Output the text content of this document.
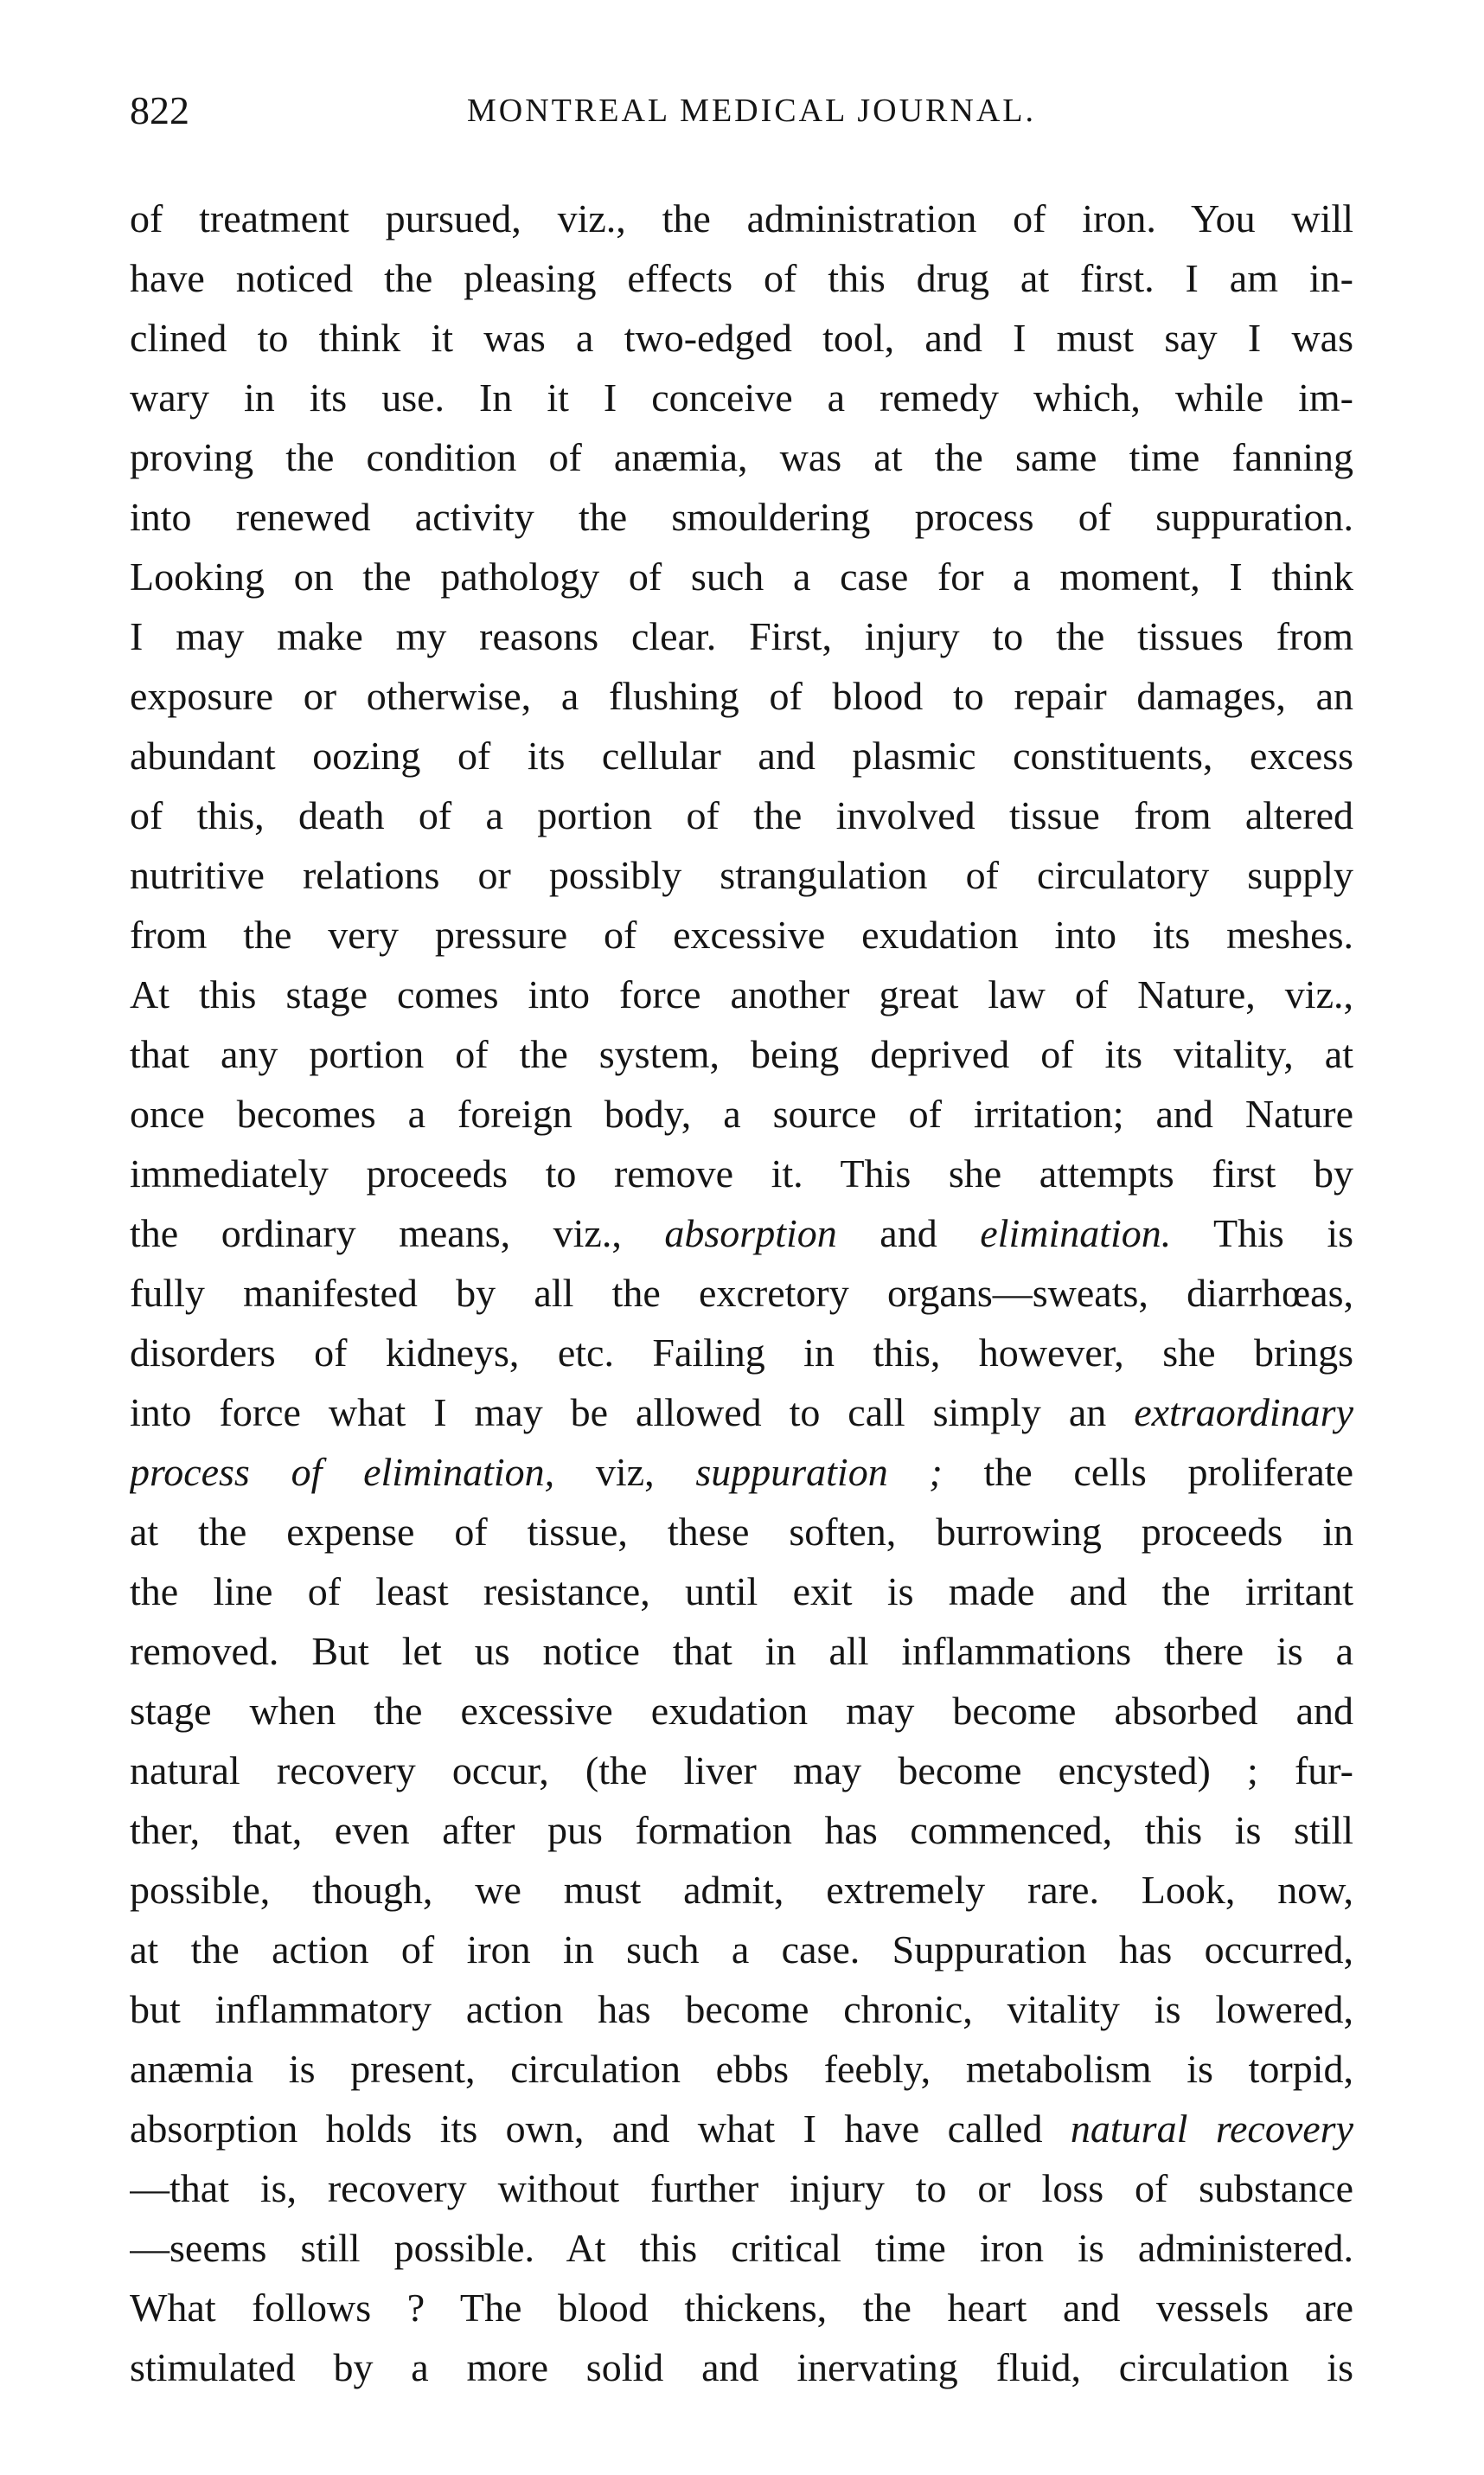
822	MONTREAL MEDICAL JOURNAL.
of treatment pursued, viz., the administration of iron. You will
have noticed the pleasing effects of this drug at first. I am in-
clined to think it was a two-edged tool, and I must say I was
wary in its use. In it I conceive a remedy which, while im-
proving the condition of anæmia, was at the same time fanning
into renewed activity the smouldering process of suppuration.
Looking on the pathology of such a case for a moment, I think
I may make my reasons clear. First, injury to the tissues from
exposure or otherwise, a flushing of blood to repair damages, an
abundant oozing of its cellular and plasmic constituents, excess
of this, death of a portion of the involved tissue from altered
nutritive relations or possibly strangulation of circulatory supply
from the very pressure of excessive exudation into its meshes.
At this stage comes into force another great law of Nature, viz.,
that any portion of the system, being deprived of its vitality, at
once becomes a foreign body, a source of irritation; and Nature
immediately proceeds to remove it. This she attempts first by
the ordinary means, viz., absorption and elimination. This is
fully manifested by all the excretory organs—sweats, diarrhœas,
disorders of kidneys, etc. Failing in this, however, she brings
into force what I may be allowed to call simply an extraordinary
process of elimination, viz, suppuration ; the cells proliferate
at the expense of tissue, these soften, burrowing proceeds in
the line of least resistance, until exit is made and the irritant
removed. But let us notice that in all inflammations there is a
stage when the excessive exudation may become absorbed and
natural recovery occur, (the liver may become encysted) ; fur-
ther, that, even after pus formation has commenced, this is still
possible, though, we must admit, extremely rare. Look, now,
at the action of iron in such a case. Suppuration has occurred,
but inflammatory action has become chronic, vitality is lowered,
anæmia is present, circulation ebbs feebly, metabolism is torpid,
absorption holds its own, and what I have called natural recovery
—that is, recovery without further injury to or loss of substance
—seems still possible. At this critical time iron is administered.
What follows ? The blood thickens, the heart and vessels are
stimulated by a more solid and inervating fluid, circulation is
